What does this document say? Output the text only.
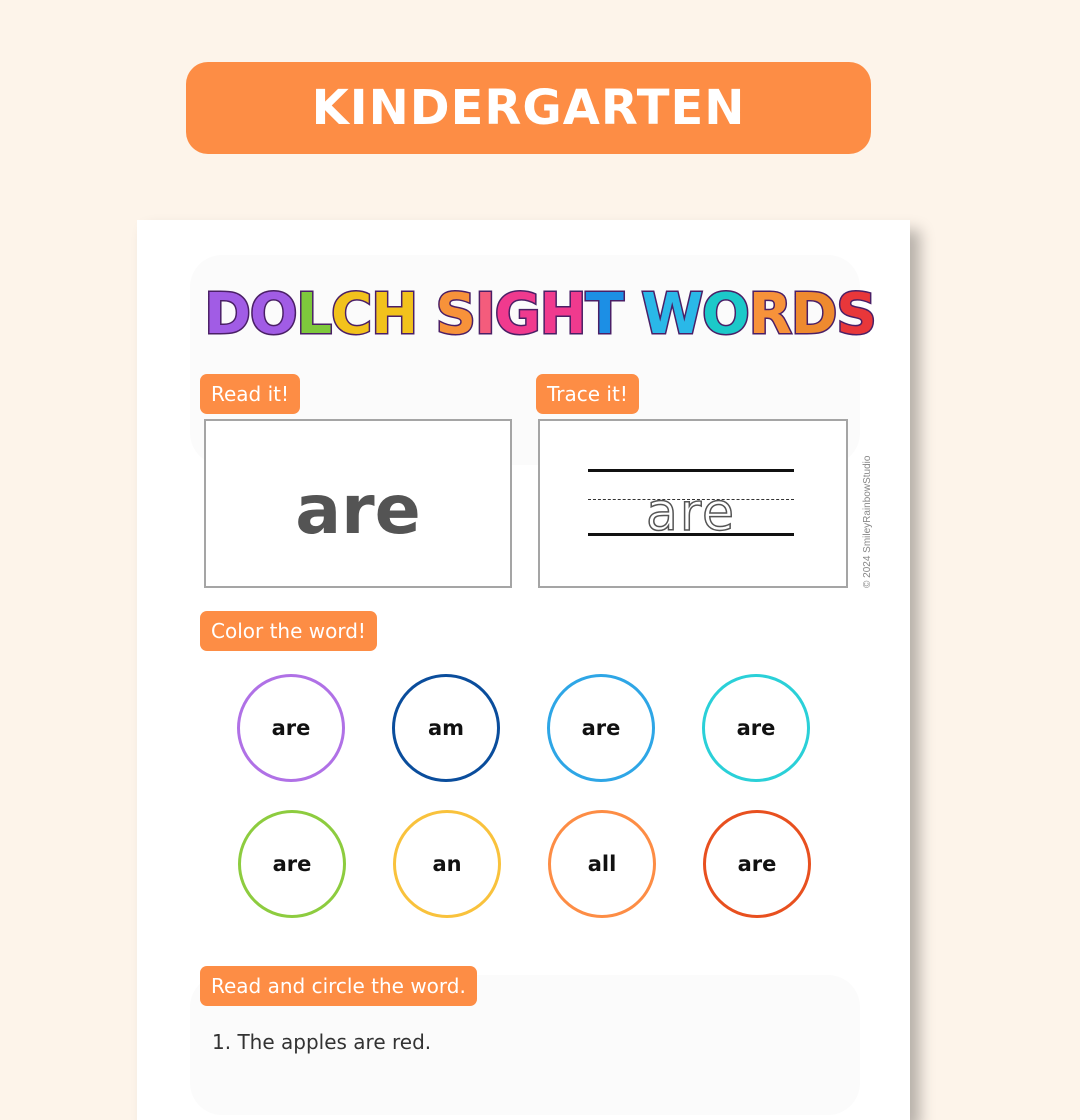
KINDERGARTEN
DOLCH SIGHT WORDS
Read it!	Trace it!
are	are	© 2024 SmileyRainbowStudio
Color the word!
are	am	are	are
are	an	all	are
Read and circle the word.
1. The apples are red.
